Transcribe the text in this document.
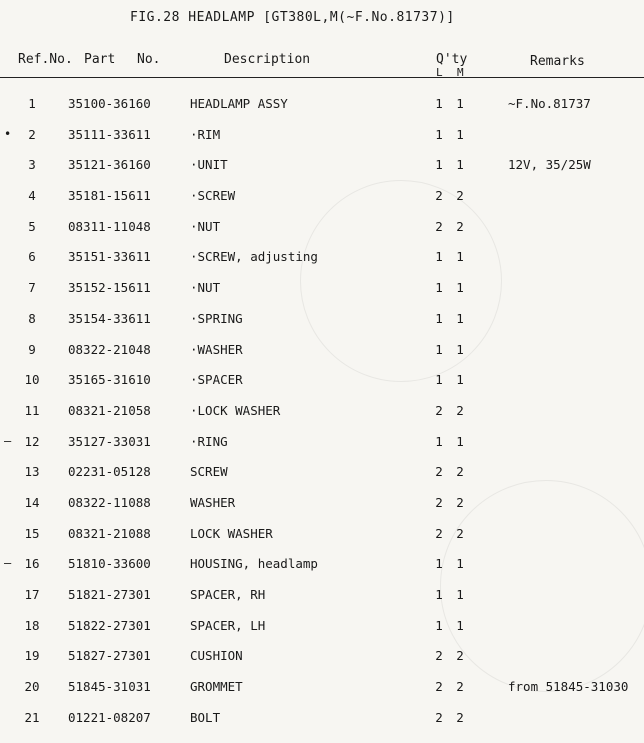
FIG.28 HEADLAMP [GT380L,M(~F.No.81737)]
Ref.No. Part No.	Description	Q'ty
L M
Remarks
1	35100-36160	HEADLAMP ASSY	1 1	~F.No.81737
2	35111-33611	·RIM	1 1
•
3	35121-36160	·UNIT	1 1	12V, 35/25W
4	35181-15611	·SCREW	2 2
5	08311-11048	·NUT	2 2
6	35151-33611	·SCREW, adjusting	1 1
7	35152-15611	·NUT	1 1
8	35154-33611	·SPRING	1 1
9	08322-21048	·WASHER	1 1
10	35165-31610	·SPACER	1 1
11	08321-21058	·LOCK WASHER	2 2
12	35127-33031	·RING	1 1
—
13	02231-05128	SCREW	2 2
14	08322-11088	WASHER	2 2
15	08321-21088	LOCK WASHER	2 2
16	51810-33600	HOUSING, headlamp	1 1
—
17	51821-27301	SPACER, RH	1 1
18	51822-27301	SPACER, LH	1 1
19	51827-27301	CUSHION	2 2
20	51845-31031	GROMMET	2 2	from 51845-31030
21	01221-08207	BOLT	2 2
